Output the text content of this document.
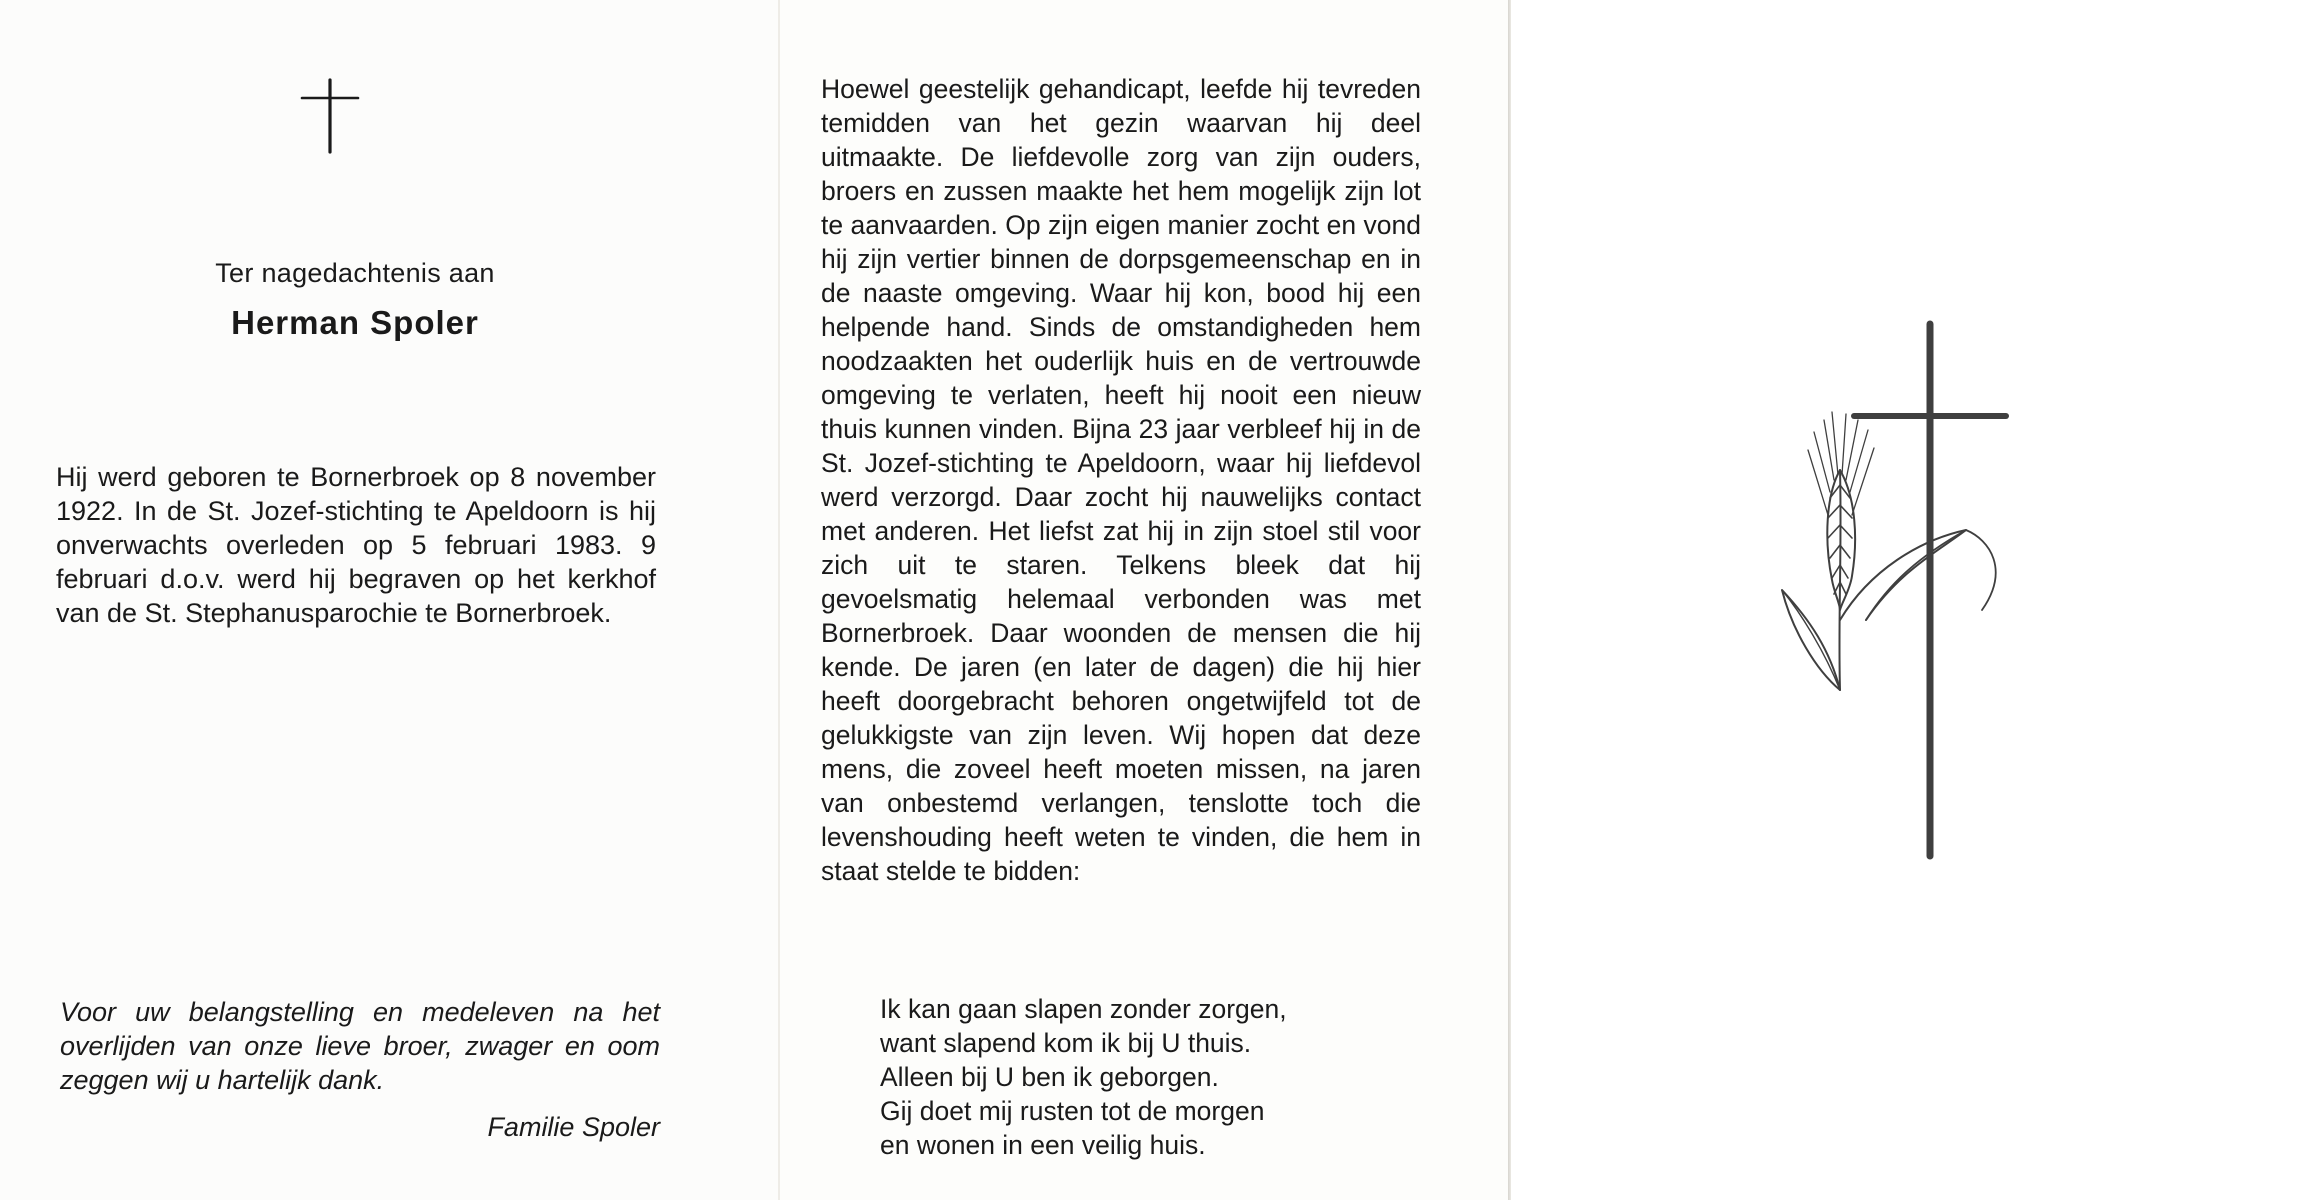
Ter nagedachtenis aan
Herman Spoler
Hij werd geboren te Bornerbroek op 8 november 1922. In de St. Jozef-stichting te Apeldoorn is hij onverwachts overleden op 5 februari 1983. 9 februari d.o.v. werd hij begraven op het kerkhof van de St. Stephanusparochie te Bornerbroek.
Voor uw belangstelling en medeleven na het overlijden van onze lieve broer, zwager en oom zeggen wij u hartelijk dank.
Familie Spoler
Hoewel geestelijk gehandicapt, leefde hij tevreden temidden van het gezin waarvan hij deel uitmaakte. De liefdevolle zorg van zijn ouders, broers en zussen maakte het hem mogelijk zijn lot te aanvaarden. Op zijn eigen manier zocht en vond hij zijn vertier binnen de dorpsgemeenschap en in de naaste omgeving. Waar hij kon, bood hij een helpende hand. Sinds de omstandigheden hem noodzaakten het ouderlijk huis en de vertrouwde omgeving te verlaten, heeft hij nooit een nieuw thuis kunnen vinden. Bijna 23 jaar verbleef hij in de St. Jozef-stichting te Apeldoorn, waar hij liefdevol werd verzorgd. Daar zocht hij nauwelijks contact met anderen. Het liefst zat hij in zijn stoel stil voor zich uit te staren. Telkens bleek dat hij gevoelsmatig helemaal verbonden was met Bornerbroek. Daar woonden de mensen die hij kende. De jaren (en later de dagen) die hij hier heeft doorgebracht behoren ongetwijfeld tot de gelukkigste van zijn leven. Wij hopen dat deze mens, die zoveel heeft moeten missen, na jaren van onbestemd verlangen, tenslotte toch die levenshouding heeft weten te vinden, die hem in staat stelde te bidden:
Ik kan gaan slapen zonder zorgen,
want slapend kom ik bij U thuis.
Alleen bij U ben ik geborgen.
Gij doet mij rusten tot de morgen
en wonen in een veilig huis.
